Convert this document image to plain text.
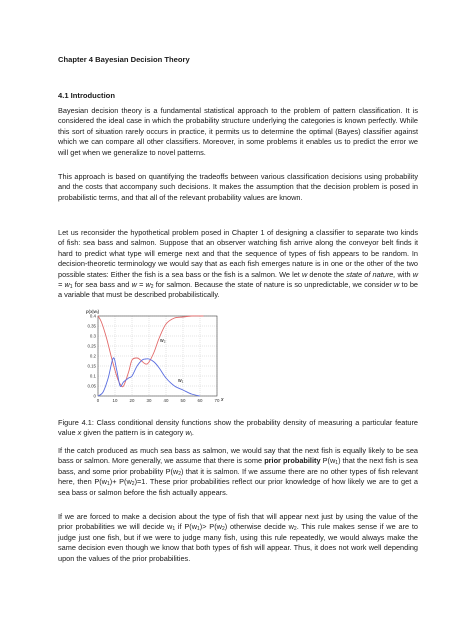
Chapter 4 Bayesian Decision Theory
4.1 Introduction
Bayesian decision theory is a fundamental statistical approach to the problem of pattern classification. It is considered the ideal case in which the probability structure underlying the categories is known perfectly. While this sort of situation rarely occurs in practice, it permits us to determine the optimal (Bayes) classifier against which we can compare all other classifiers. Moreover, in some problems it enables us to predict the error we will get when we generalize to novel patterns.
This approach is based on quantifying the tradeoffs between various classification decisions using probability and the costs that accompany such decisions. It makes the assumption that the decision problem is posed in probabilistic terms, and that all of the relevant probability values are known.
Let us reconsider the hypothetical problem posed in Chapter 1 of designing a classifier to separate two kinds of fish: sea bass and salmon. Suppose that an observer watching fish arrive along the conveyor belt finds it hard to predict what type will emerge next and that the sequence of types of fish appears to be random. In decision-theoretic terminology we would say that as each fish emerges nature is in one or the other of the two possible states: Either the fish is a sea bass or the fish is a salmon. We let w denote the state of nature, with $w = w_1$ for sea bass and $w = w_2$ for salmon. Because the state of nature is so unpredictable, we consider w to be a variable that must be described probabilistically.
0.4
0.35
0.3
0.25
0.2
0.15
0.1
0.05
0
0	10	20	30	40	50	60	70
p(x|wᵢ)
x
w₂
w₁
Figure 4.1: Class conditional density functions show the probability density of measuring a particular feature value x given the pattern is in category $w_i$.
If the catch produced as much sea bass as salmon, we would say that the next fish is equally likely to be sea bass or salmon. More generally, we assume that there is some prior probability $P(w_1)$ that the next fish is sea bass, and some prior probability $P(w_2)$ that it is salmon. If we assume there are no other types of fish relevant here, then $P(w_1)+ P(w_2)=1$. These prior probabilities reflect our prior knowledge of how likely we are to get a sea bass or salmon before the fish actually appears.
If we are forced to make a decision about the type of fish that will appear next just by using the value of the prior probabilities we will decide $w_1$ if $P(w_1)> P(w_2)$ otherwise decide $w_2$. This rule makes sense if we are to judge just one fish, but if we were to judge many fish, using this rule repeatedly, we would always make the same decision even though we know that both types of fish will appear. Thus, it does not work well depending upon the values of the prior probabilities.
